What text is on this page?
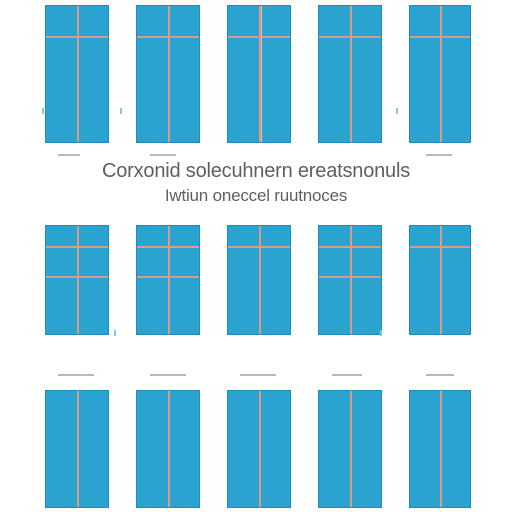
Corxonid solecuhnern ereatsnonuls
Iwtiun oneccel ruutnoces
